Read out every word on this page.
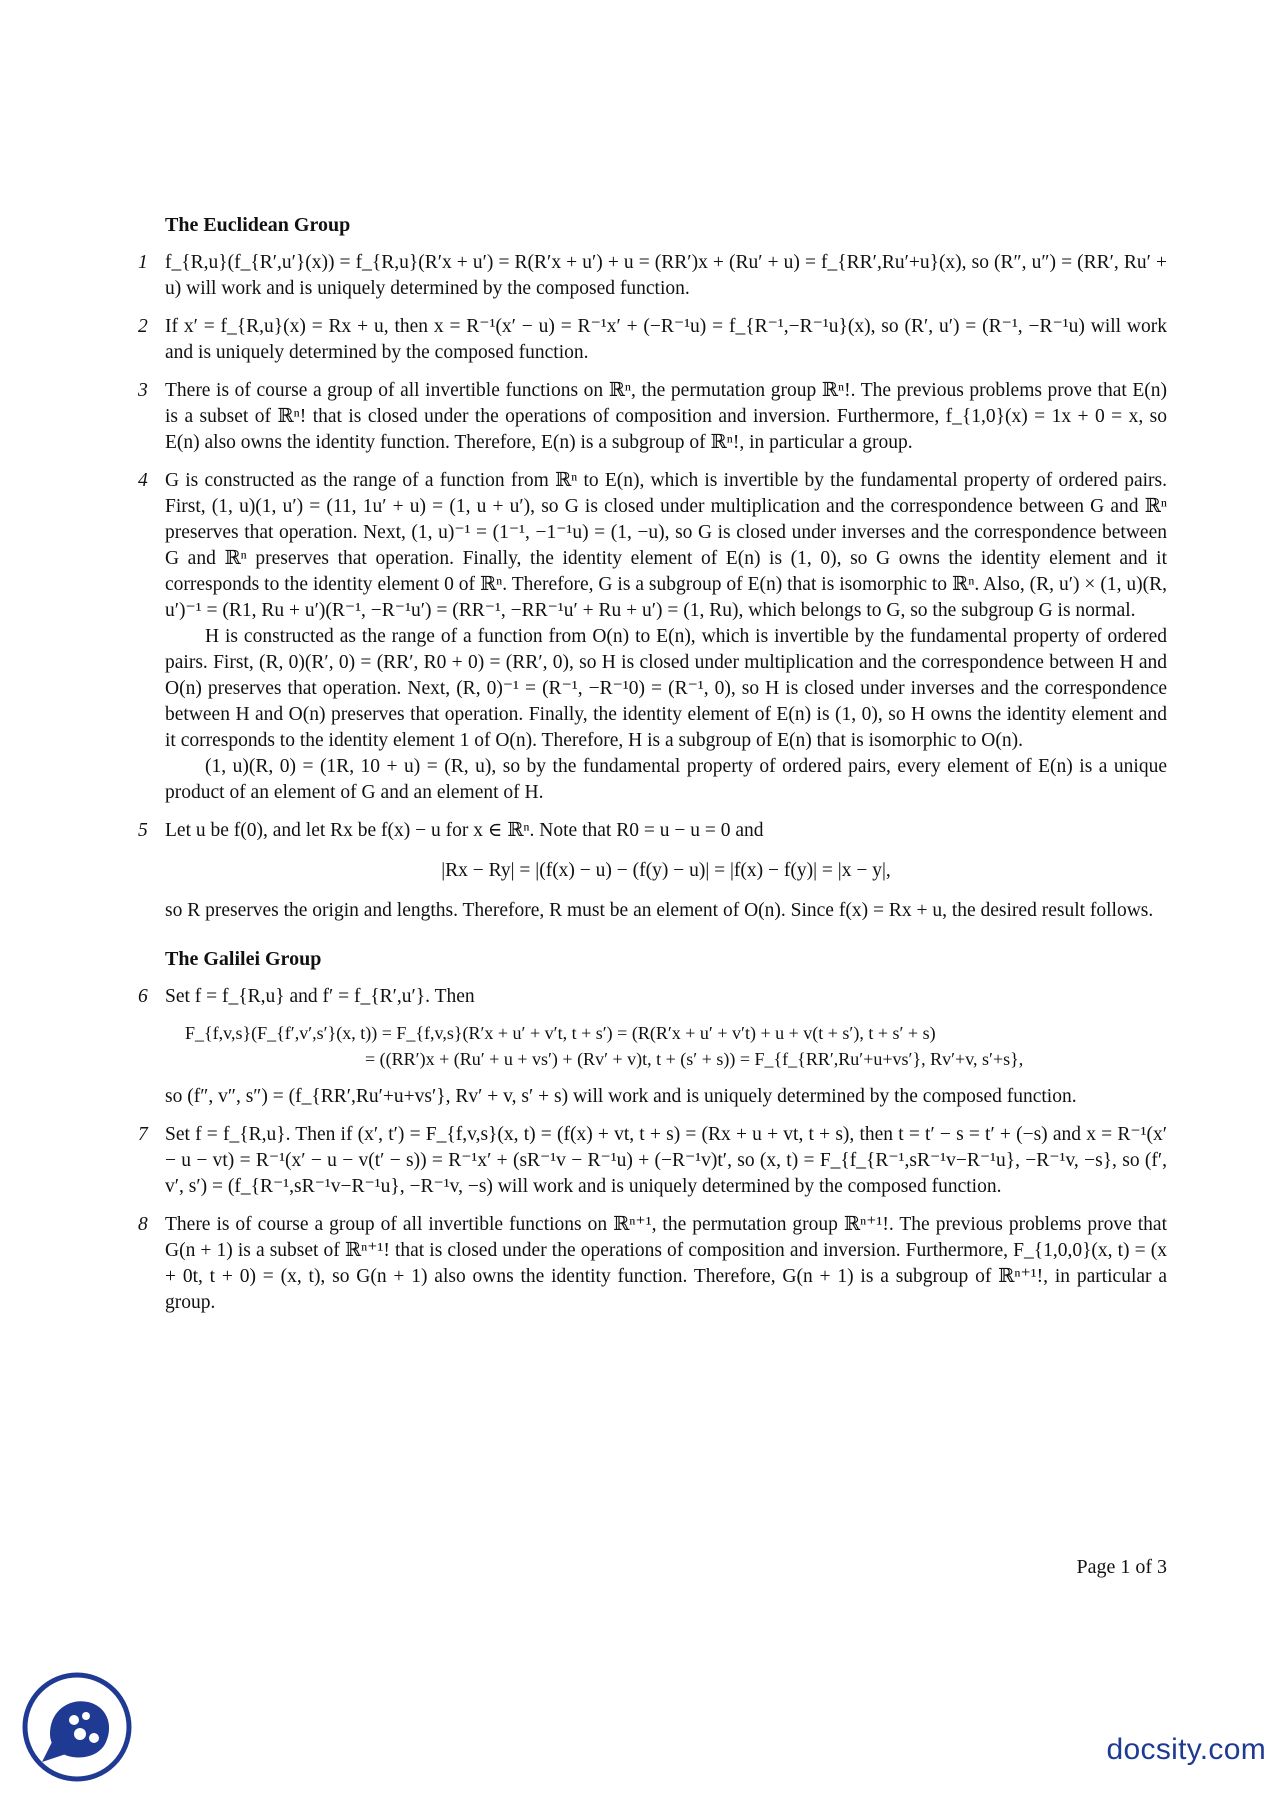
The Euclidean Group
1 f_{R,u}(f_{R′,u′}(x)) = f_{R,u}(R′x + u′) = R(R′x + u′) + u = (RR′)x + (Ru′ + u) = f_{RR′,Ru′+u}(x), so (R″, u″) = (RR′, Ru′ + u) will work and is uniquely determined by the composed function.

2 If x′ = f_{R,u}(x) = Rx + u, then x = R⁻¹(x′ − u) = R⁻¹x′ + (−R⁻¹u) = f_{R⁻¹,−R⁻¹u}(x), so (R′, u′) = (R⁻¹, −R⁻¹u) will work and is uniquely determined by the composed function.

3 There is of course a group of all invertible functions on ℝⁿ, the permutation group ℝⁿ!. The previous problems prove that E(n) is a subset of ℝⁿ! that is closed under the operations of composition and inversion. Furthermore, f_{1,0}(x) = 1x + 0 = x, so E(n) also owns the identity function. Therefore, E(n) is a subgroup of ℝⁿ!, in particular a group.

4 G is constructed as the range of a function from ℝⁿ to E(n), which is invertible by the fundamental property of ordered pairs. First, (1, u)(1, u′) = (11, 1u′ + u) = (1, u + u′), so G is closed under multiplication and the correspondence between G and ℝⁿ preserves that operation. Next, (1, u)⁻¹ = (1⁻¹, −1⁻¹u) = (1, −u), so G is closed under inverses and the correspondence between G and ℝⁿ preserves that operation. Finally, the identity element of E(n) is (1, 0), so G owns the identity element and it corresponds to the identity element 0 of ℝⁿ. Therefore, G is a subgroup of E(n) that is isomorphic to ℝⁿ. Also, (R, u′) × (1, u)(R, u′)⁻¹ = (R1, Ru + u′)(R⁻¹, −R⁻¹u′) = (RR⁻¹, −RR⁻¹u′ + Ru + u′) = (1, Ru), which belongs to G, so the subgroup G is normal.

H is constructed as the range of a function from O(n) to E(n), which is invertible by the fundamental property of ordered pairs. First, (R, 0)(R′, 0) = (RR′, R0 + 0) = (RR′, 0), so H is closed under multiplication and the correspondence between H and O(n) preserves that operation. Next, (R, 0)⁻¹ = (R⁻¹, −R⁻¹0) = (R⁻¹, 0), so H is closed under inverses and the correspondence between H and O(n) preserves that operation. Finally, the identity element of E(n) is (1, 0), so H owns the identity element and it corresponds to the identity element 1 of O(n). Therefore, H is a subgroup of E(n) that is isomorphic to O(n).

(1, u)(R, 0) = (1R, 10 + u) = (R, u), so by the fundamental property of ordered pairs, every element of E(n) is a unique product of an element of G and an element of H.

5 Let u be f(0), and let Rx be f(x) − u for x ∈ ℝⁿ. Note that R0 = u − u = 0 and

|Rx − Ry| = |(f(x) − u) − (f(y) − u)| = |f(x) − f(y)| = |x − y|,

so R preserves the origin and lengths. Therefore, R must be an element of O(n). Since f(x) = Rx + u, the desired result follows.

The Galilei Group
6 Set f = f_{R,u} and f′ = f_{R′,u′}. Then

F_{f,v,s}(F_{f′,v′,s′}(x, t)) = F_{f,v,s}(R′x + u′ + v′t, t + s′) = (R(R′x + u′ + v′t) + u + v(t + s′), t + s′ + s)
= ((RR′)x + (Ru′ + u + vs′) + (Rv′ + v)t, t + (s′ + s)) = F_{f_{RR′,Ru′+u+vs′}, Rv′+v, s′+s},

so (f″, v″, s″) = (f_{RR′,Ru′+u+vs′}, Rv′ + v, s′ + s) will work and is uniquely determined by the composed function.

7 Set f = f_{R,u}. Then if (x′, t′) = F_{f,v,s}(x, t) = (f(x) + vt, t + s) = (Rx + u + vt, t + s), then t = t′ − s = t′ + (−s) and x = R⁻¹(x′ − u − vt) = R⁻¹(x′ − u − v(t′ − s)) = R⁻¹x′ + (sR⁻¹v − R⁻¹u) + (−R⁻¹v)t′, so (x, t) = F_{f_{R⁻¹,sR⁻¹v−R⁻¹u}, −R⁻¹v, −s}, so (f′, v′, s′) = (f_{R⁻¹,sR⁻¹v−R⁻¹u}, −R⁻¹v, −s) will work and is uniquely determined by the composed function.

8 There is of course a group of all invertible functions on ℝⁿ⁺¹, the permutation group ℝⁿ⁺¹!. The previous problems prove that G(n + 1) is a subset of ℝⁿ⁺¹! that is closed under the operations of composition and inversion. Furthermore, F_{1,0,0}(x, t) = (x + 0t, t + 0) = (x, t), so G(n + 1) also owns the identity function. Therefore, G(n + 1) is a subgroup of ℝⁿ⁺¹!, in particular a group.

Page 1 of 3
docsity.com
